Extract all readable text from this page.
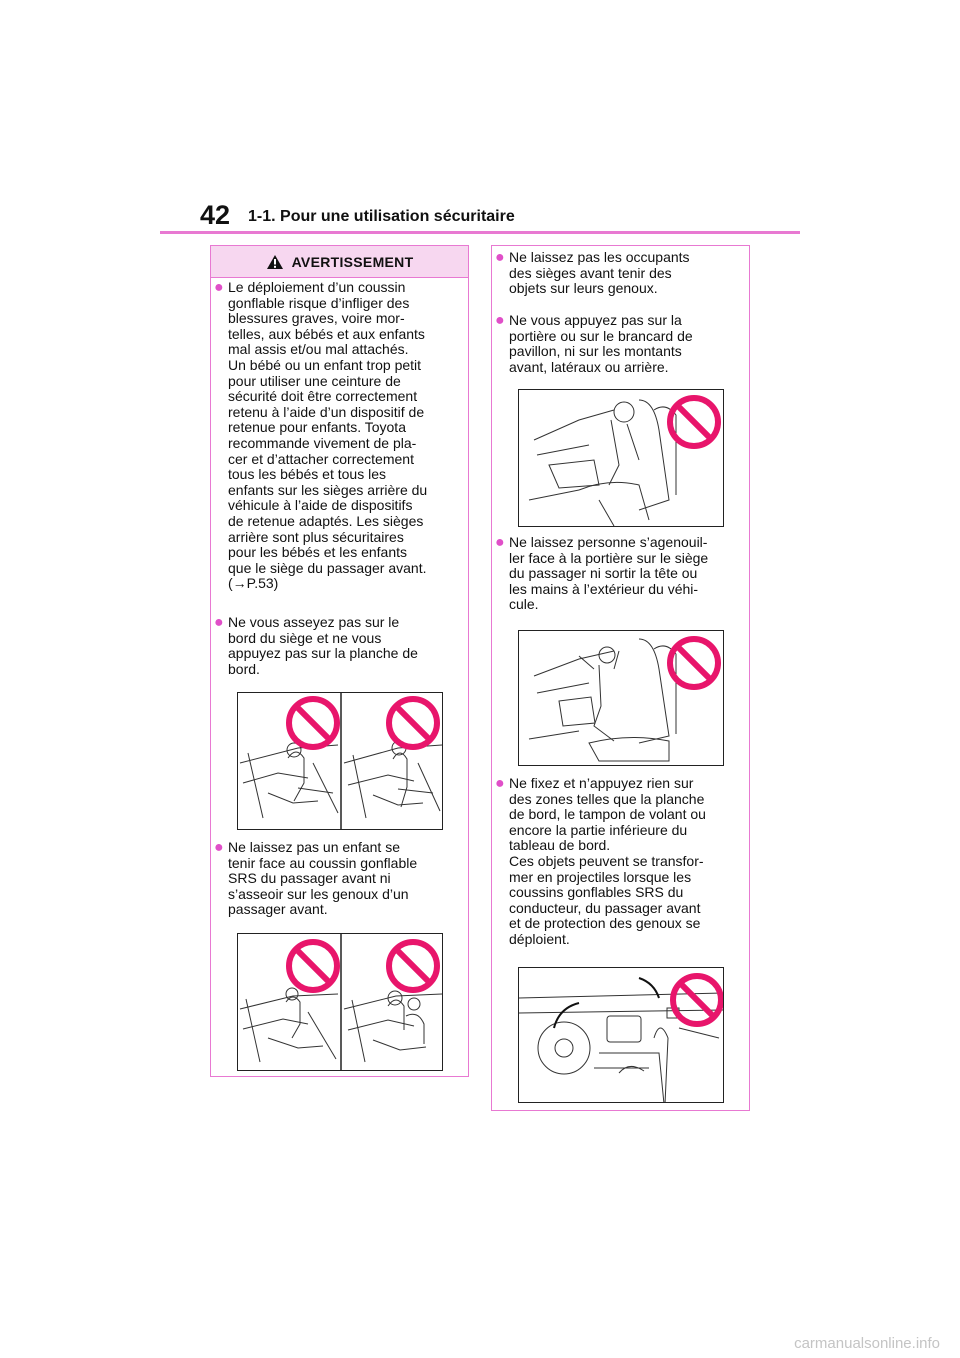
42 1-1. Pour une utilisation sécuritaire
AVERTISSEMENT
● Le déploiement d’un coussin
gonflable risque d’infliger des
blessures graves, voire mor-
telles, aux bébés et aux enfants
mal assis et/ou mal attachés.
Un bébé ou un enfant trop petit
pour utiliser une ceinture de
sécurité doit être correctement
retenu à l’aide d’un dispositif de
retenue pour enfants. Toyota
recommande vivement de pla-
cer et d’attacher correctement
tous les bébés et tous les
enfants sur les sièges arrière du
véhicule à l’aide de dispositifs
de retenue adaptés. Les sièges
arrière sont plus sécuritaires
pour les bébés et les enfants
que le siège du passager avant.
(→P.53)
● Ne vous asseyez pas sur le
bord du siège et ne vous
appuyez pas sur la planche de
bord.
● Ne laissez pas un enfant se
tenir face au coussin gonflable
SRS du passager avant ni
s’asseoir sur les genoux d’un
passager avant.
● Ne laissez pas les occupants
des sièges avant tenir des
objets sur leurs genoux.
● Ne vous appuyez pas sur la
portière ou sur le brancard de
pavillon, ni sur les montants
avant, latéraux ou arrière.
● Ne laissez personne s’agenouil-
ler face à la portière sur le siège
du passager ni sortir la tête ou
les mains à l’extérieur du véhi-
cule.
● Ne fixez et n’appuyez rien sur
des zones telles que la planche
de bord, le tampon de volant ou
encore la partie inférieure du
tableau de bord.
Ces objets peuvent se transfor-
mer en projectiles lorsque les
coussins gonflables SRS du
conducteur, du passager avant
et de protection des genoux se
déploient.
carmanualsonline.info
